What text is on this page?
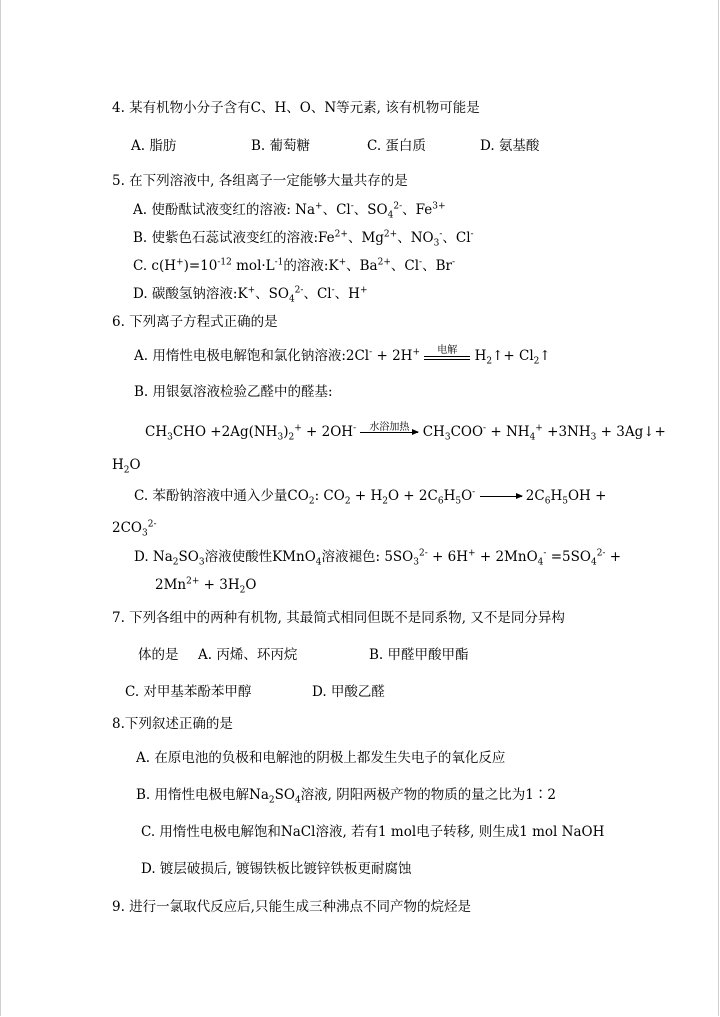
4. 某有机物小分子含有C、H、O、N等元素, 该有机物可能是
A. 脂肪	B. 葡萄糖	C. 蛋白质	D. 氨基酸
5. 在下列溶液中, 各组离子一定能够大量共存的是
A. 使酚酞试液变红的溶液: Na+、Cl-、$SO_4^{2-}$、$Fe^{3+}$
B. 使紫色石蕊试液变红的溶液$:Fe^{2+}$、$Mg^{2+}$、$NO_3^-$、Cl-
C. $c(H^+)=10^{-12}$ $mol\cdot L^{-1}$的溶液:K+、$Ba^{2+}$、Cl-、Br-
D. 碳酸氢钠溶液:K+、$SO_4^{2-}$、Cl-、H+
6. 下列离子方程式正确的是
A. 用惰性电极电解饱和氯化钠溶液:2Cl- + 2H+	电解 $H_2↑+$ $Cl_2↑$
B. 用银氨溶液检验乙醛中的醛基:
$CH_3CHO +2Ag(NH_3)_2^+ + 2OH^-$	水浴加热 $CH_3COO^- + NH_4^+ +3NH_3$ + 3Ag↓+
$H_2O$
C. 苯酚钠溶液中通入少量$CO_2$: $CO_2 + H_2O + 2C_6H_5O^- \to 2C_6H_5OH$ +
$2CO_3^{2-}$
D. $Na_2SO_3$溶液使酸性KMnO$_4$溶液褪色: $5SO_3^{2-} + 6H^+ + 2MnO_4^- =5SO_4^{2-}$ +
$2Mn^{2+} + 3H_2O$
7. 下列各组中的两种有机物, 其最简式相同但既不是同系物, 又不是同分异构
体的是 A. 丙烯、环丙烷	B. 甲醛甲酸甲酯
C. 对甲基苯酚苯甲醇	D. 甲酸乙醛
8.下列叙述正确的是
A. 在原电池的负极和电解池的阴极上都发生失电子的氧化反应
B. 用惰性电极电解$Na_2SO_4$溶液, 阴阳两极产物的物质的量之比为1∶2
C. 用惰性电极电解饱和NaCl溶液, 若有1 mol电子转移, 则生成1 mol NaOH
D. 镀层破损后, 镀锡铁板比镀锌铁板更耐腐蚀
9. 进行一氯取代反应后,只能生成三种沸点不同产物的烷烃是
